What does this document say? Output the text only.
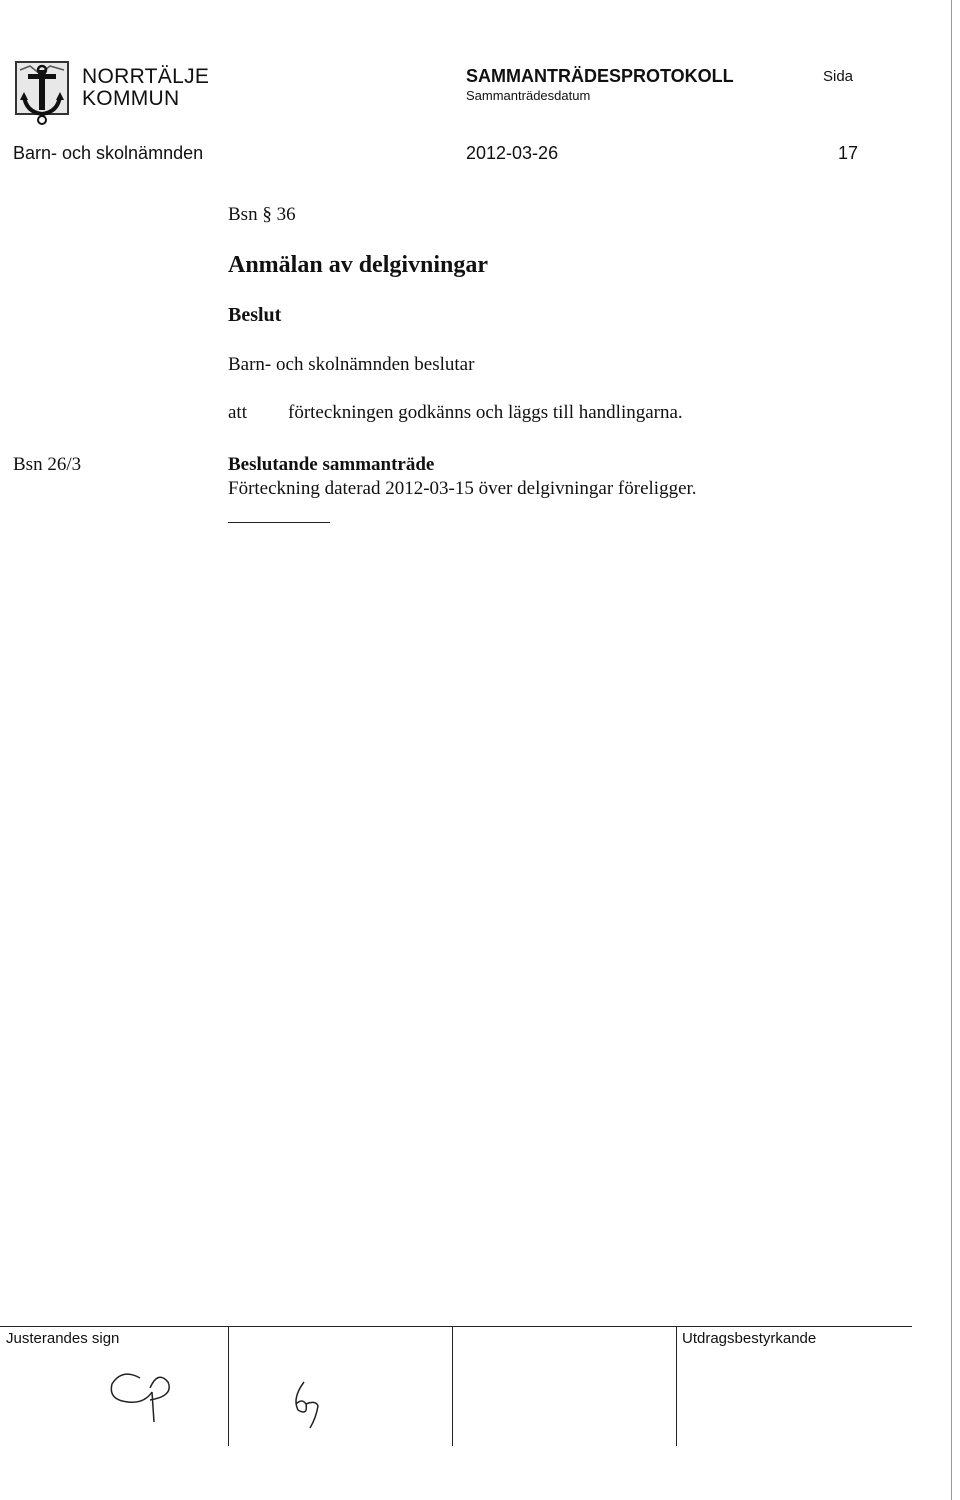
NORRTÄLJE
KOMMUN
SAMMANTRÄDESPROTOKOLL
Sammanträdesdatum
Sida
Barn- och skolnämnden	2012-03-26	17
Bsn § 36
Anmälan av delgivningar
Beslut
Barn- och skolnämnden beslutar
att förteckningen godkänns och läggs till handlingarna.
Bsn 26/3	Beslutande sammanträde
Förteckning daterad 2012-03-15 över delgivningar föreligger.
Justerandes sign	Utdragsbestyrkande
